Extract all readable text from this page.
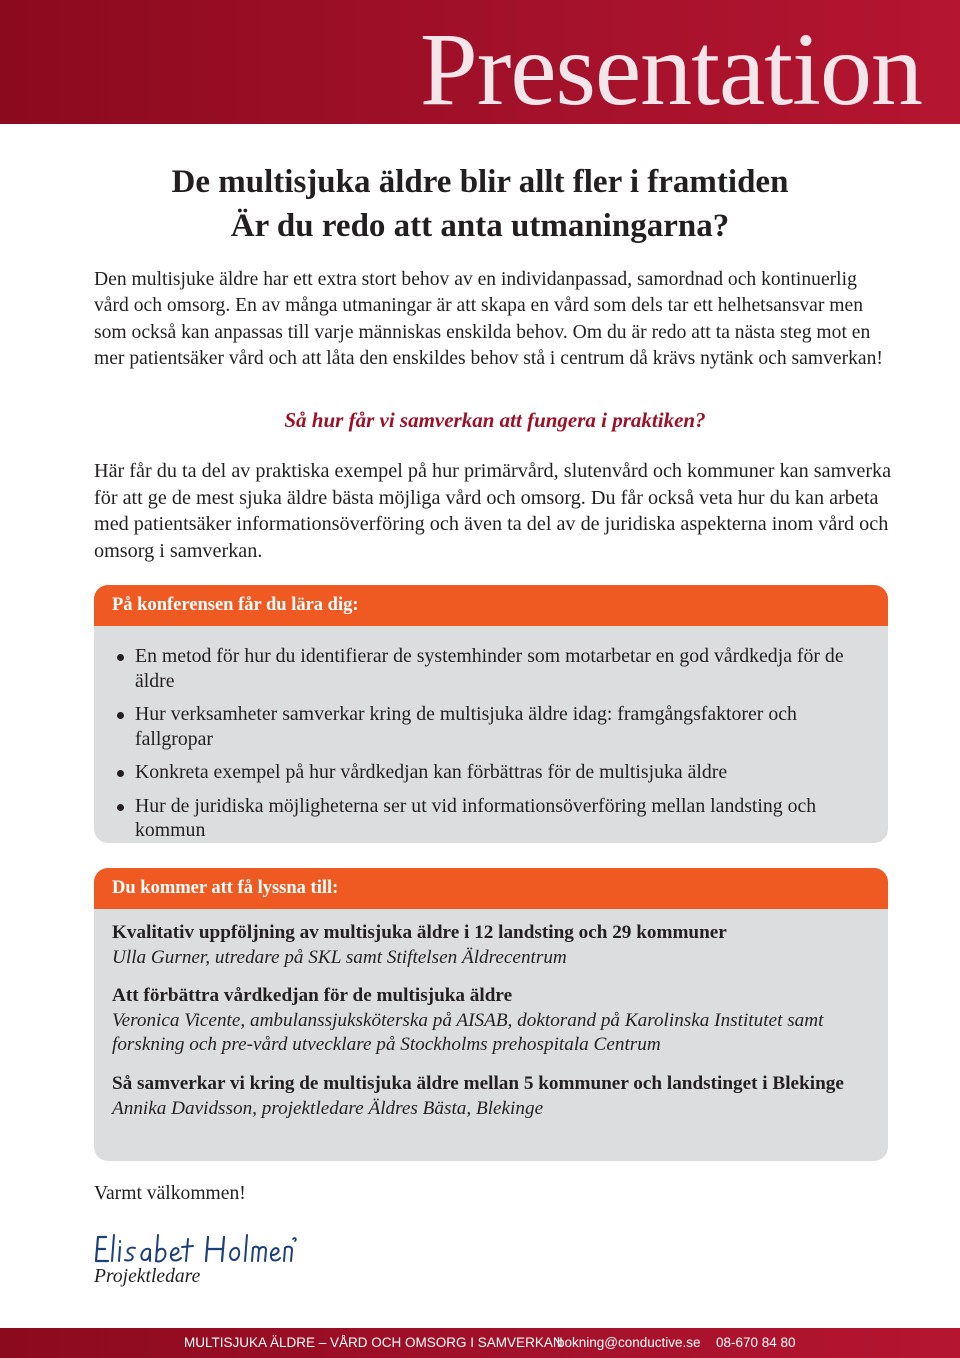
Presentation
De multisjuka äldre blir allt fler i framtiden
Är du redo att anta utmaningarna?
Den multisjuke äldre har ett extra stort behov av en individanpassad, samordnad och kontinuerlig vård och omsorg. En av många utmaningar är att skapa en vård som dels tar ett helhetsansvar men som också kan anpassas till varje människas enskilda behov. Om du är redo att ta nästa steg mot en mer patientsäker vård och att låta den enskildes behov stå i centrum då krävs nytänk och samverkan!
Så hur får vi samverkan att fungera i praktiken?
Här får du ta del av praktiska exempel på hur primärvård, slutenvård och kommuner kan samverka för att ge de mest sjuka äldre bästa möjliga vård och omsorg. Du får också veta hur du kan arbeta med patientsäker informationsöverföring och även ta del av de juridiska aspekterna inom vård och omsorg i samverkan.
På konferensen får du lära dig:
En metod för hur du identifierar de systemhinder som motarbetar en god vårdkedja för de äldre
Hur verksamheter samverkar kring de multisjuka äldre idag: framgångsfaktorer och fallgropar
Konkreta exempel på hur vårdkedjan kan förbättras för de multisjuka äldre
Hur de juridiska möjligheterna ser ut vid informationsöverföring mellan landsting och kommun
Du kommer att få lyssna till:
Kvalitativ uppföljning av multisjuka äldre i 12 landsting och 29 kommuner
Ulla Gurner, utredare på SKL samt Stiftelsen Äldrecentrum
Att förbättra vårdkedjan för de multisjuka äldre
Veronica Vicente, ambulanssjuksköterska på AISAB, doktorand på Karolinska Institutet samt forskning och pre-vård utvecklare på Stockholms prehospitala Centrum
Så samverkar vi kring de multisjuka äldre mellan 5 kommuner och landstinget i Blekinge
Annika Davidsson, projektledare Äldres Bästa, Blekinge
Varmt välkommen!
Projektledare
MULTISJUKA ÄLDRE – VÅRD OCH OMSORG I SAMVERKAN
bokning@conductive.se 08-670 84 80
